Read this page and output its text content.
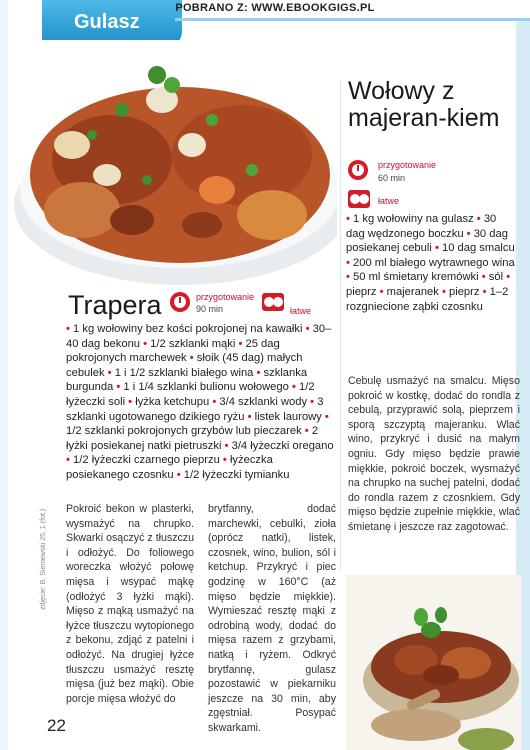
Gulasz
POBRANO Z: WWW.EBOOKGIGS.PL
Wołowy z majeran-kiem
przygotowanie
60 min
łatwe
• 1 kg wołowiny na gulasz • 30 dag wędzonego boczku • 30 dag posiekanej cebuli • 10 dag smalcu • 200 ml białego wytrawnego wina • 50 ml śmietany kremówki • sól • pieprz • majeranek • pieprz • 1–2 rozgniecione ząbki czosnku
Cebulę usmażyć na smalcu. Mięso pokroić w kostkę, dodać do rondla z cebulą, przyprawić solą, pieprzem i sporą szczyptą majeranku. Wlać wino, przykryć i dusić na małym ogniu. Gdy mięso będzie prawie miękkie, pokroić boczek, wysmażyć na chrupko na suchej patelni, dodać do rondla razem z czosnkiem. Gdy mięso będzie zupełnie miękkie, wlać śmietanę i jeszcze raz zagotować.
Trapera	przygotowanie
90 min	łatwe
• 1 kg wołowiny bez kości pokrojonej na kawałki • 30–40 dag bekonu • 1/2 szklanki mąki • 25 dag pokrojonych marchewek • słoik (45 dag) małych cebulek • 1 i 1/2 szklanki białego wina • szklanka burgunda • 1 i 1/4 szklanki bulionu wołowego • 1/2 łyżeczki soli • łyżka ketchupu • 3/4 szklanki wody • 3 szklanki ugotowanego dzikiego ryżu • listek laurowy • 1/2 szklanki pokrojonych grzybów lub pieczarek • 2 łyżki posiekanej natki pietruszki • 3/4 łyżeczki oregano • 1/2 łyżeczki czarnego pieprzu • łyżeczka posiekanego czosnku • 1/2 łyżeczki tymianku
Pokroić bekon w plasterki, wysmażyć na chrupko. Skwarki osączyć z tłuszczu i odłożyć. Do foliowego woreczka włożyć połowę mięsa i wsypać mąkę (odłożyć 3 łyżki mąki). Mięso z mąką usmażyć na łyżce tłuszczu wytopionego z bekonu, zdjąć z patelni i odłożyć. Na drugiej łyżce tłuszczu usmażyć resztę mięsa (już bez mąki). Obie porcje mięsa włożyć do
brytfanny, dodać marchewki, cebulki, zioła (oprócz natki), listek, czosnek, wino, bulion, sól i ketchup. Przykryć i piec godzinę w 160°C (aż mięso będzie miękkie). Wymieszać resztę mąki z odrobiną wody, dodać do mięsa razem z grzybami, natką i ryżem. Odkryć brytfannę, gulasz pozostawić w piekarniku jeszcze na 30 min, aby zgęstniał. Posypać skwarkami.
zdjęcie: B. Sieniewski 25, 1 (fot.)
22
